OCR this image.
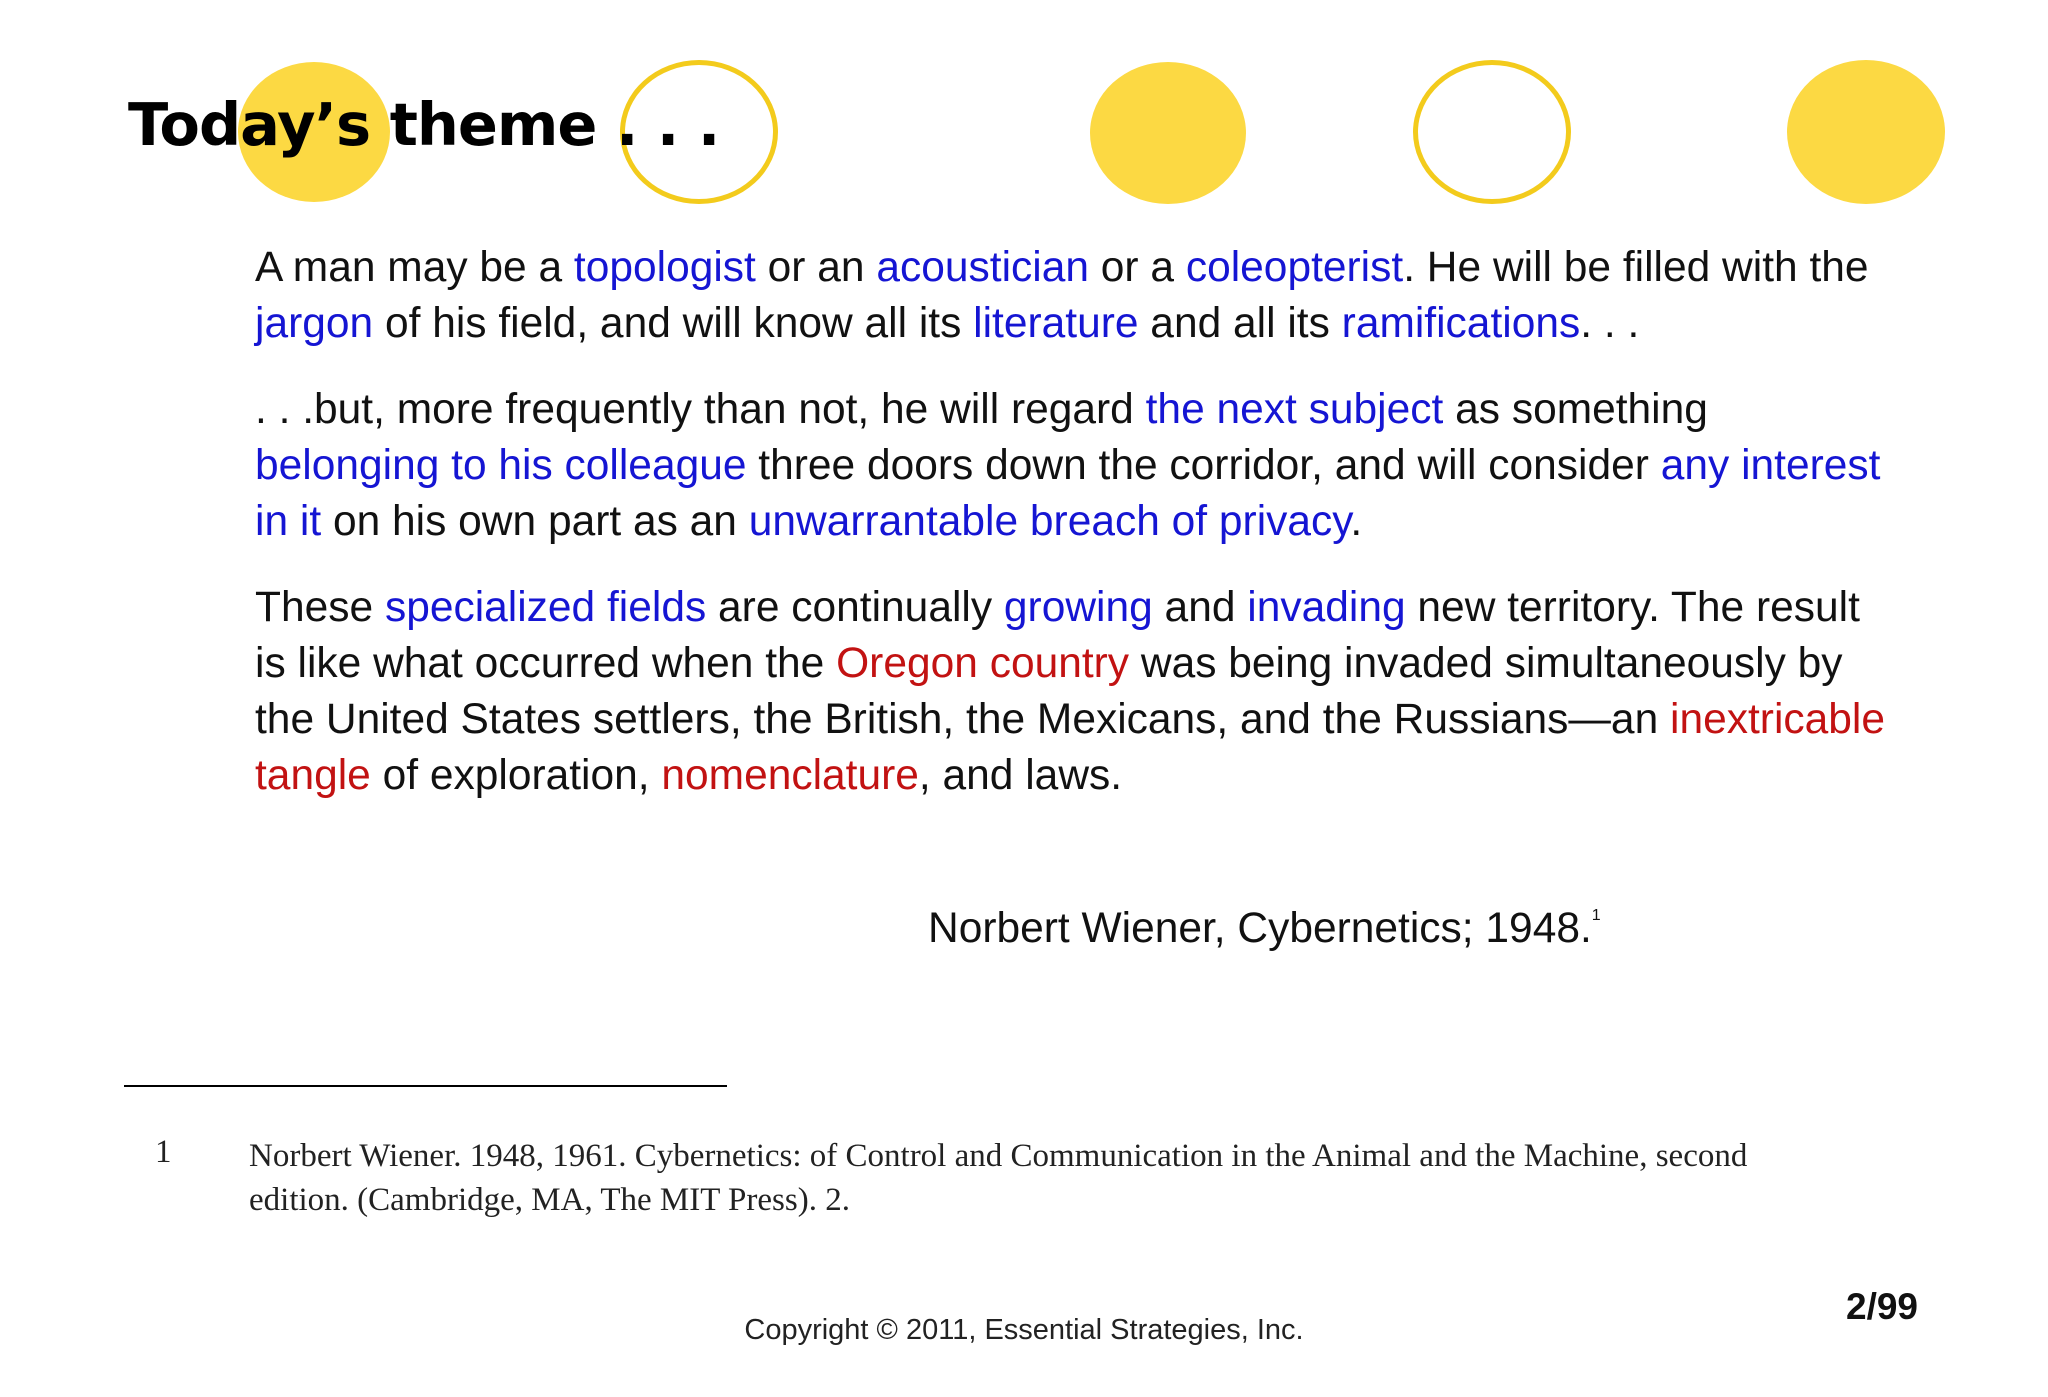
Today’s theme . . .

A man may be a topologist or an acoustician or a coleopterist. He will be filled with the jargon of his field, and will know all its literature and all its ramifications. . .

. . .but, more frequently than not, he will regard the next subject as something belonging to his colleague three doors down the corridor, and will consider any interest in it on his own part as an unwarrantable breach of privacy.

These specialized fields are continually growing and invading new territory. The result is like what occurred when the Oregon country was being invaded simultaneously by the United States settlers, the British, the Mexicans, and the Russians—an inextricable tangle of exploration, nomenclature, and laws.

Norbert Wiener, Cybernetics; 1948.$^1$
1 Norbert Wiener. 1948, 1961. Cybernetics: of Control and Communication in the Animal and the Machine, second edition. (Cambridge, MA, The MIT Press). 2.
Copyright © 2011, Essential Strategies, Inc.
2/99
